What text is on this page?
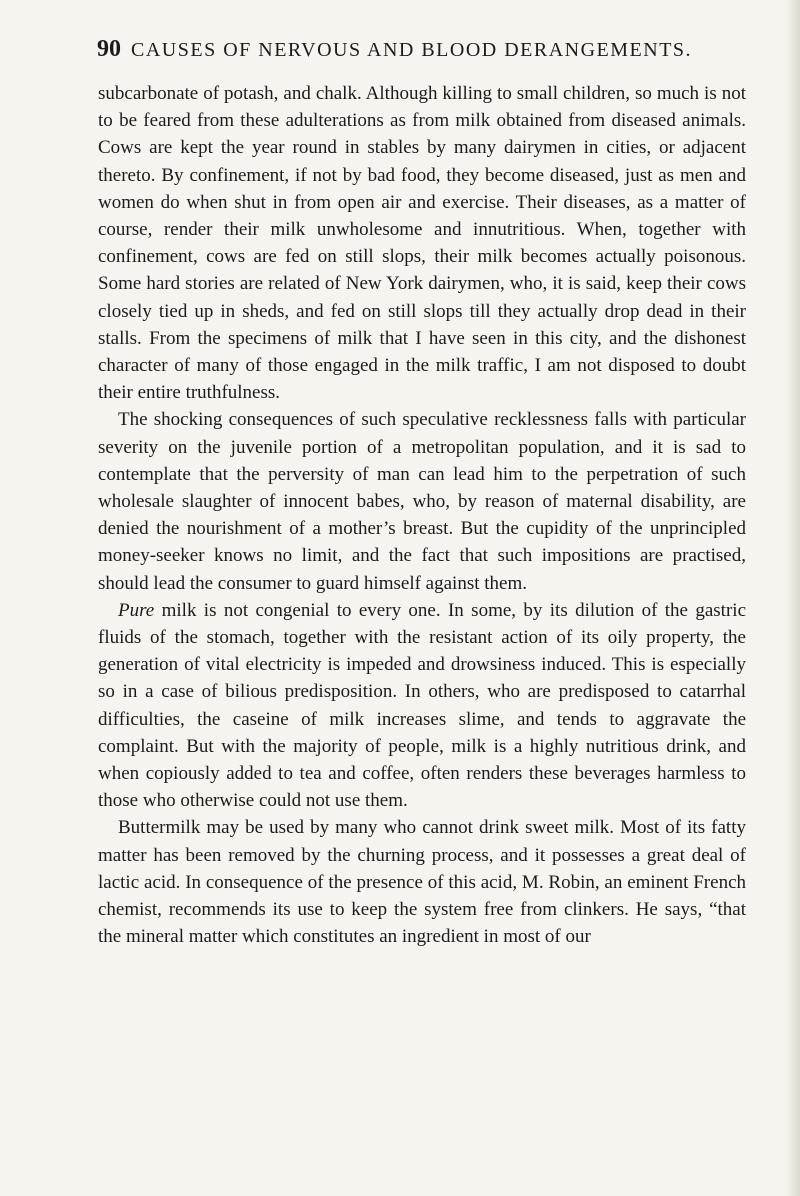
90 CAUSES OF NERVOUS AND BLOOD DERANGEMENTS.

subcarbonate of potash, and chalk. Although killing to small children, so much is not to be feared from these adulterations as from milk obtained from diseased animals. Cows are kept the year round in stables by many dairymen in cities, or adjacent thereto. By confinement, if not by bad food, they become diseased, just as men and women do when shut in from open air and exercise. Their diseases, as a matter of course, render their milk unwholesome and innutritious. When, together with confinement, cows are fed on still slops, their milk becomes actually poisonous. Some hard stories are related of New York dairymen, who, it is said, keep their cows closely tied up in sheds, and fed on still slops till they actually drop dead in their stalls. From the specimens of milk that I have seen in this city, and the dishonest character of many of those engaged in the milk traffic, I am not disposed to doubt their entire truthfulness.

The shocking consequences of such speculative recklessness falls with particular severity on the juvenile portion of a metropolitan population, and it is sad to contemplate that the perversity of man can lead him to the perpetration of such wholesale slaughter of innocent babes, who, by reason of maternal disability, are denied the nourishment of a mother’s breast. But the cupidity of the unprincipled money-seeker knows no limit, and the fact that such impositions are practised, should lead the consumer to guard himself against them.

Pure milk is not congenial to every one. In some, by its dilution of the gastric fluids of the stomach, together with the resistant action of its oily property, the generation of vital electricity is impeded and drowsiness induced. This is especially so in a case of bilious predisposition. In others, who are predisposed to catarrhal difficulties, the caseine of milk increases slime, and tends to aggravate the complaint. But with the majority of people, milk is a highly nutritious drink, and when copiously added to tea and coffee, often renders these beverages harmless to those who otherwise could not use them.

Buttermilk may be used by many who cannot drink sweet milk. Most of its fatty matter has been removed by the churning process, and it possesses a great deal of lactic acid. In consequence of the presence of this acid, M. Robin, an eminent French chemist, recommends its use to keep the system free from clinkers. He says, “that the mineral matter which constitutes an ingredient in most of our
